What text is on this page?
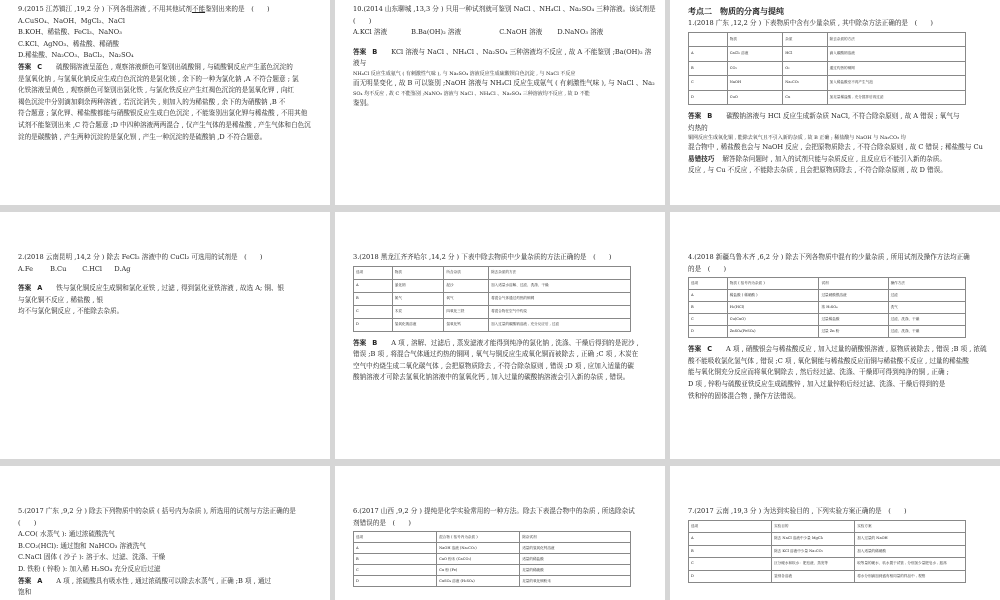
9.(2015 江苏镇江 ,19,2 分 ) 下列各组溶液 , 不用其他试剂不能鉴别出来的是　(　　)

A.CuSO₄、NaOH、MgCl₂、NaCl

B.KOH、稀盐酸、FeCl₃、NaNO₃

C.KCl、AgNO₃、稀盐酸、稀硝酸

D.稀盐酸、Na₂CO₃、BaCl₂、Na₂SO₄

答案 C 硫酸铜溶液呈蓝色 , 观察溶液颜色可鉴别出硫酸铜 , 与硫酸铜反应产生蓝色沉淀的

是氢氧化钠 , 与氢氧化钠反应生成白色沉淀的是氯化镁 , 余下的一种为氯化钠 ,A 不符合题意 ; 氯

化铁溶液呈黄色 , 观察颜色可鉴别出氯化铁 , 与氯化铁反应产生红褐色沉淀的是氢氧化钾 , 向红

褐色沉淀中分别滴加剩余两种溶液 , 若沉淀消失 , 则加入的为稀盐酸 , 余下的为硝酸钠 ,B 不

符合题意 ; 氯化钾、稀盐酸都能与硝酸银反应生成白色沉淀 , 不能鉴别出氯化钾与稀盐酸 , 不用其他

试剂不能鉴别出来 ,C 符合题意 ;D 中四种溶液两两混合 , 仅产生气体的是稀盐酸 , 产生气体和白色沉

淀的是碳酸钠 , 产生两种沉淀的是氯化钡 , 产生一种沉淀的是硫酸钠 ,D 不符合题意。

10.(2014 山东聊城 ,13,3 分 ) 只用一种试剂就可鉴别 NaCl 、NH₄Cl 、Na₂SO₄ 三种溶液。该试剂是

(　　)

A.KCl 溶液	B.Ba(OH)₂ 溶液	C.NaOH 溶液 D.NaNO₃ 溶液

答案 B KCl 溶液与 NaCl 、NH₄Cl 、Na₂SO₄ 三种溶液均不反应 , 故 A 不能鉴别 ;Ba(OH)₂ 溶液与

NH₄Cl 反应生成氨气 ( 有刺激性气味 ), 与 Na₂SO₄ 溶液反应生成硫酸钡白色沉淀 , 与 NaCl 不反应

而无明显变化 , 故 B 可以鉴别 ;NaOH 溶液与 NH₄Cl 反应生成氨气 ( 有刺激性气味 ), 与 NaCl 、Na₂

SO₄ 均不反应 , 故 C 不能鉴别 ;NaNO₃ 溶液与 NaCl 、NH₄Cl 、Na₂SO₄ 三种溶液均不反应 , 故 D 不能

鉴别。

考点二　物质的分离与提纯

1.(2018 广东 ,12,2 分 ) 下表物质中含有少量杂质 , 其中除杂方法正确的是　(　　)

	物质	杂质	除去杂质的方法
A	CaCl₂ 溶液	HCl	滴入碳酸钠溶液
B	CO₂	O₂	通过灼热的铜网
C	NaOH	Na₂CO₃	加入稀盐酸至不再产生气泡
D	CuO	Cu	加足量稀盐酸 , 充分搅拌后再过滤

答案 B 碳酸钠溶液与 HCl 反应生成新杂质 NaCl, 不符合除杂原则 , 故 A 错误 ; 氧气与

灼热的

铜网反应生成氧化铜 , 能除去氧气且不引入新的杂质 , 故 B 正确 ; 稀盐酸与 NaOH 与 Na₂CO₃ 均

混合物中 , 稀盐酸也会与 NaOH 反应 , 会把原物质除去 , 不符合除杂原则 , 故 C 错误 ; 稀盐酸与 Cu

易错技巧 解答除杂问题时 , 加入的试剂只能与杂质反应 , 且反应后不能引入新的杂质。

反应 , 与 Cu 不反应 , 不能除去杂质 , 且会把原物质除去 , 不符合除杂原则 , 故 D 错误。

2.(2018 云南昆明 ,14,2 分 ) 除去 FeCl₂ 溶液中的 CuCl₂ 可选用的试剂是　(　　)

A.Fe	B.Cu C.HCl D.Ag

答案 A 铁与氯化铜反应生成铜和氯化亚铁 , 过滤 , 得到氯化亚铁溶液 , 故选 A; 铜、银

与氯化铜不反应 , 稀盐酸 , 银

均不与氯化铜反应 , 不能除去杂质。

3.(2018 黑龙江齐齐哈尔 ,14,2 分 ) 下表中除去物质中少量杂质的方法正确的是　(　　)

选项	物质	所含杂质	除去杂质的方法
A	氯化钠	泥沙	加入适量水溶解、过滤、洗涤、干燥
B	氮气	氧气	将混合气体通过灼热的铜网
C	木炭	四氧化三铁	将混合物在空气中灼烧
D	氢氧化钠溶液	氢氧化钙	加入过量的碳酸钠溶液 , 充分反应后 , 过滤

答案 B A 项 , 溶解、过滤后 , 蒸发滤液才能得到纯净的氯化钠 , 洗涤、干燥后得到的是泥沙 ,

错误 ;B 项 , 将混合气体通过灼热的铜网 , 氧气与铜反应生成氧化铜而被除去 , 正确 ;C 项 , 木炭在

空气中灼烧生成二氧化碳气体 , 会把原物质除去 , 不符合除杂原则 , 错误 ;D 项 , 应加入适量的碳

酸钠溶液才可除去氢氧化钠溶液中的氢氧化钙 , 加入过量的碳酸钠溶液会引入新的杂质 , 错误。

4.(2018 新疆乌鲁木齐 ,6,2 分 ) 除去下列各物质中混有的少量杂质 , 所用试剂及操作方法均正确

的是　(　　)

选项	物质 ( 括号内为杂质 )	试剂	操作方法
A	稀盐酸 ( 稀硝酸 )	过量硝酸银溶液	过滤
B	H₂(HCl)	浓 H₂SO₄	洗气
C	Cu(CuO)	过量稀盐酸	过滤、洗涤、干燥
D	ZnSO₄(FeSO₄)	过量 Zn 粉	过滤、洗涤、干燥

答案 C A 项 , 硝酸银会与稀盐酸反应 , 加入过量的硝酸银溶液 , 原物质被除去 , 错误 ;B 项 , 浓硫

酸不能吸收氯化氢气体 , 错误 ;C 项 , 氧化铜能与稀盐酸反应而铜与稀盐酸不反应 , 过量的稀盐酸

能与氧化铜充分反应而将氧化铜除去 , 然后经过滤、洗涤、干燥即可得到纯净的铜 , 正确 ;

D 项 , 锌粉与硫酸亚铁反应生成硫酸锌 , 加入过量锌粉后经过滤、洗涤、干燥后得到的是

铁和锌的固体混合物 , 操作方法错误。

5.(2017 广东 ,9,2 分 ) 除去下列物质中的杂质 ( 括号内为杂质 ), 所选用的试剂与方法正确的是

(　　)

A.CO( 水蒸气 ): 通过浓硫酸洗气

B.CO₂(HCl): 通过饱和 NaHCO₃ 溶液洗气

C.NaCl 固体 ( 沙子 ): 溶于水、过滤、洗涤、干燥

D. 铁粉 ( 锌粉 ): 加入稀 H₂SO₄ 充分反应后过滤

答案 A A 项 , 浓硫酸具有吸水性 , 通过浓硫酸可以除去水蒸气 , 正确 ;B 项 , 通过

饱和

6.(2017 山西 ,9,2 分 ) 提纯是化学实验常用的一种方法。除去下表混合物中的杂质 , 所选除杂试

剂错误的是　(　　)

选项	混合物 ( 括号内为杂质 )	除杂试剂
A	NaOH 溶液 (Na₂CO₃)	适量的氢氧化钙溶液
B	CaO 粉末 (CaCO₃)	适量的稀盐酸
C	Cu 粉 (Fe)	足量的稀硫酸
D	CuSO₄ 溶液 (H₂SO₄)	足量的氧化铜粉末

7.(2017 云南 ,19,3 分 ) 为达到实验目的 , 下列实验方案正确的是　(　　)

选项	实验目的	实验方案
A	除去 NaCl 溶液中少量 MgCl₂	加入过量的 NaOH
B	除去 KCl 溶液中少量 Na₂CO₃	加入适量的稀硝酸
C	区分硬水和软水：肥皂液、蒸发等	取等量的硬水、软水置于试管 , 分别加少量肥皂水 , 振荡
D	鉴别各溶液	将水分别滴加到盛有相同量的样品中 , 观察
